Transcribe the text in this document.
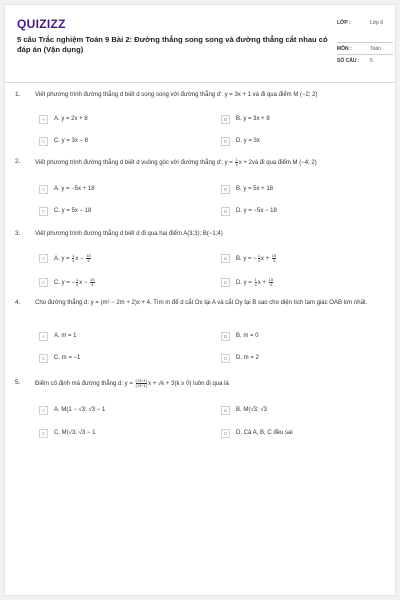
QUIZIZZ
5 câu Trắc nghiệm Toán 9 Bài 2: Đường thẳng song song và đường thẳng cắt nhau có đáp án (Vận dụng)
LỚP :	Lớp 9
MÔN :	Toán
SỐ CÂU :	5
1. Viết phương trình đường thẳng d biết d song song với đường thẳng d': y = 3x + 1 và đi qua điểm M (−2; 2)
A	A. y = 2x + 8	B	B. y = 3x + 8
C	C. y = 3x − 8	D	D. y = 3x
2. Viết phương trình đường thẳng d biết d vuông góc với đường thẳng d': $y = \frac{1}{5}$ x + 2và đi qua điểm M (−4; 2)
A	A. y = −5x + 18	B	B. y = 5x + 18
C	C. y = 5x − 18	D	D. y = −5x − 18
3. Viết phương trình đường thẳng d biết d đi qua hai điểm A(3;3); B(−1;4)
A	A. $y = \frac{1}{4}$ $x - \frac{15}{4}$	B	B. y = − $\frac{1}{4}$ $x + \frac{15}{4}$
C	C. y = − $\frac{1}{4}$ $x - \frac{15}{4}$	D	D. $y = \frac{1}{4}$ $x + \frac{15}{4}$
4. Cho đường thẳng d: y = (m² − 2m + 2)x + 4. Tìm m để d cắt Ox tại A và cắt Oy tại B sao cho diện tích tam giác OAB lớn nhất.
A	A. m = 1	B	B. m = 0
C	C. m = −1	D	D. m = 2
5. Điểm cố định mà đường thẳng d: $y = \frac{(√3+1)}{(√3-1)}$ x + √k + 3(k ≥ 0) luôn đi qua là
A	A. M(1 − √3; √3 − 1	B	B. M(√3; √3
C	C. M(√3; √3 − 1	D	D. Cả A, B, C đều sai
